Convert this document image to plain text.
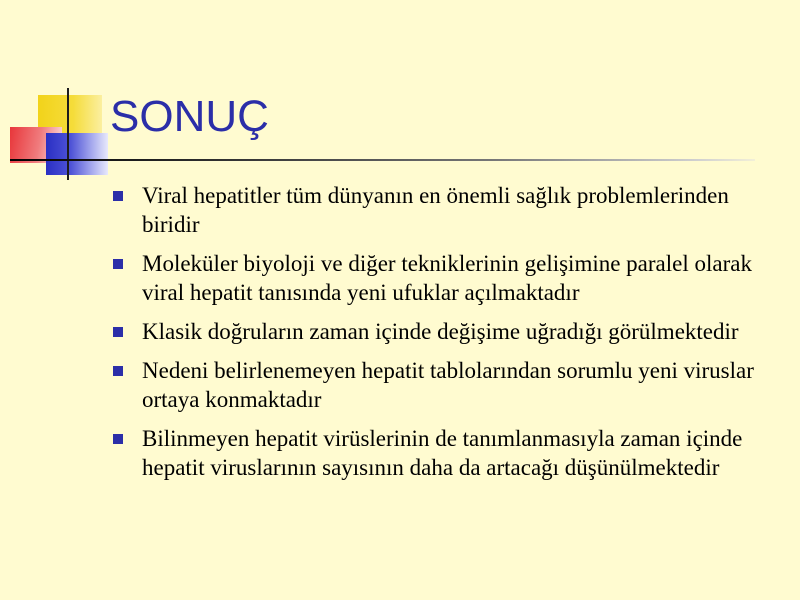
SONUÇ
Viral hepatitler tüm dünyanın en önemli sağlık problemlerinden biridir
Moleküler biyoloji ve diğer tekniklerinin gelişimine paralel olarak viral hepatit tanısında yeni ufuklar açılmaktadır
Klasik doğruların zaman içinde değişime uğradığı görülmektedir
Nedeni belirlenemeyen hepatit tablolarından sorumlu yeni viruslar ortaya konmaktadır
Bilinmeyen hepatit virüslerinin de tanımlanmasıyla zaman içinde hepatit viruslarının sayısının daha da artacağı düşünülmektedir
